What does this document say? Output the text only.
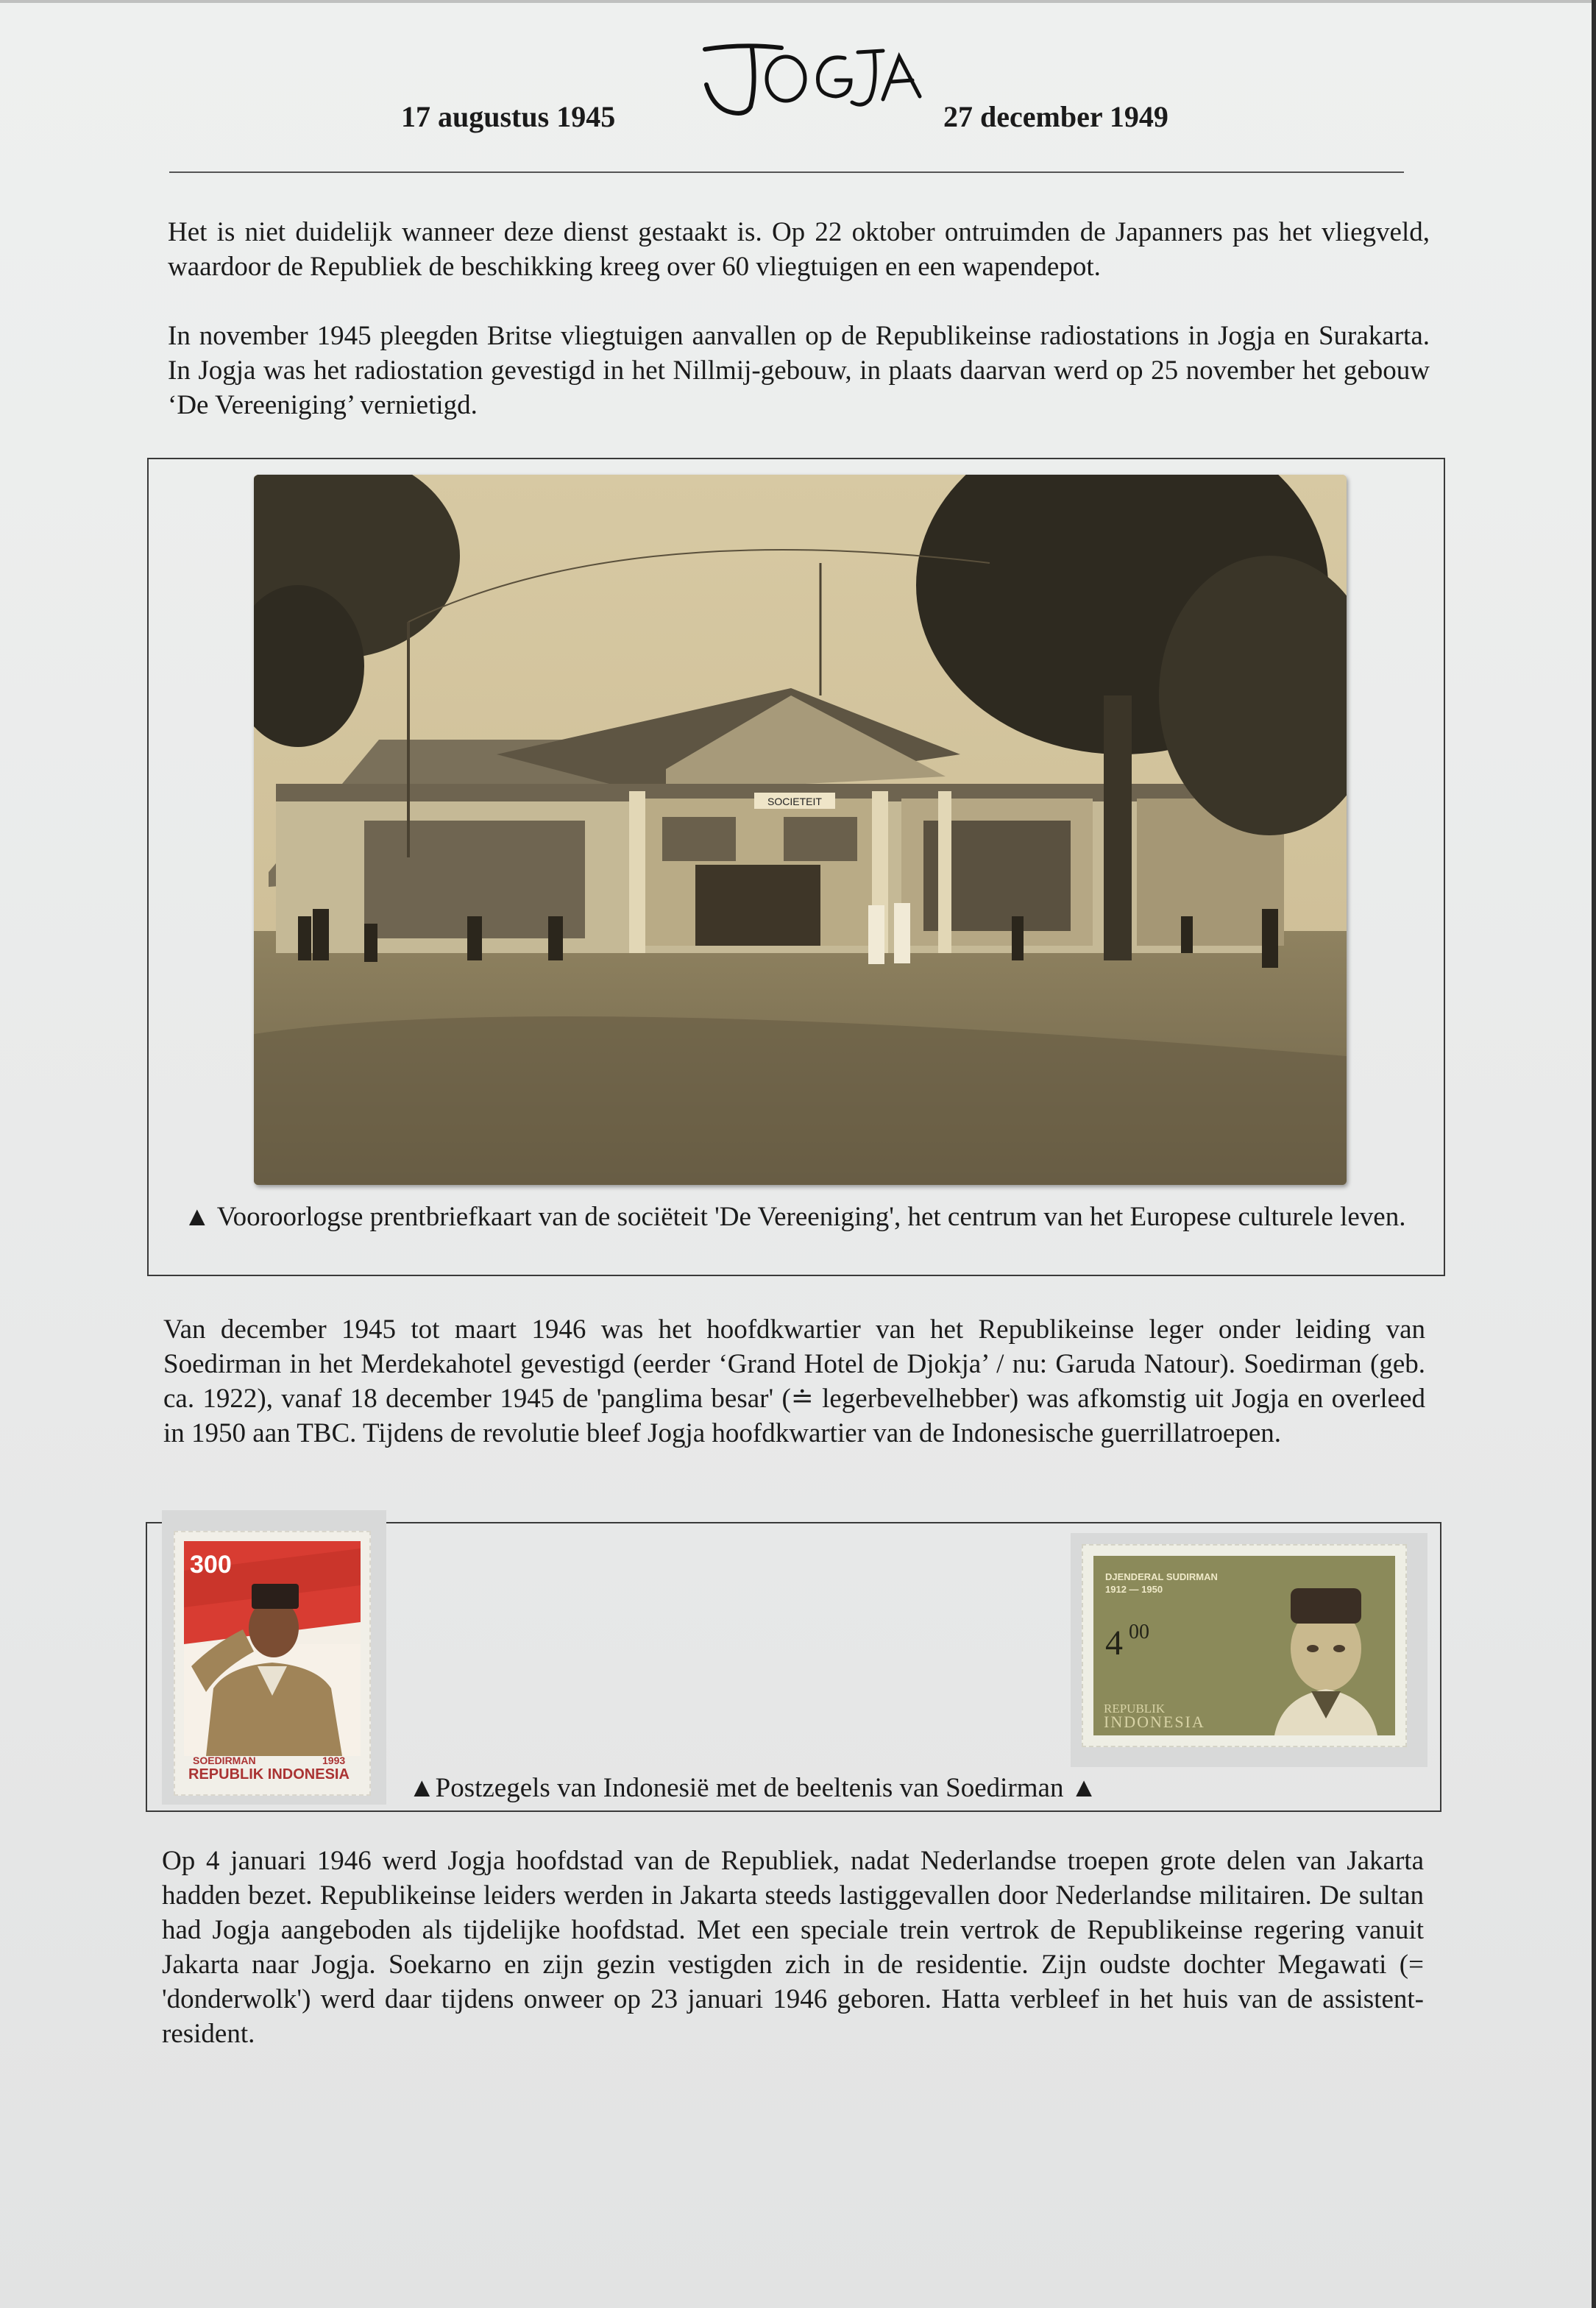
17 augustus 1945	27 december 1949
Het is niet duidelijk wanneer deze dienst gestaakt is. Op 22 oktober ontruimden de Japanners pas het vliegveld, waardoor de Republiek de beschikking kreeg over 60 vliegtuigen en een wapendepot.
In november 1945 pleegden Britse vliegtuigen aanvallen op de Republikeinse radiostations in Jogja en Surakarta. In Jogja was het radiostation gevestigd in het Nillmij-gebouw, in plaats daarvan werd op 25 november het gebouw ‘De Vereeniging’ vernietigd.
SOCIETEIT
▲ Vooroorlogse prentbriefkaart van de sociëteit 'De Vereeniging', het centrum van het Europese culturele leven.
Van december 1945 tot maart 1946 was het hoofdkwartier van het Republikeinse leger onder leiding van Soedirman in het Merdekahotel gevestigd (eerder ‘Grand Hotel de Djokja’ / nu: Garuda Natour). Soedirman (geb. ca. 1922), vanaf 18 december 1945 de 'panglima besar' (≐ legerbevelhebber) was afkomstig uit Jogja en overleed in 1950 aan TBC. Tijdens de revolutie bleef Jogja hoofdkwartier van de Indonesische guerrillatroepen.
300
SOEDIRMAN	1993
REPUBLIK INDONESIA
DJENDERAL SUDIRMAN
1912 — 1950
4 00
REPUBLIK
INDONESIA
▲Postzegels van Indonesië met de beeltenis van Soedirman ▲
Op 4 januari 1946 werd Jogja hoofdstad van de Republiek, nadat Nederlandse troepen grote delen van Jakarta hadden bezet. Republikeinse leiders werden in Jakarta steeds lastiggevallen door Nederlandse militairen. De sultan had Jogja aangeboden als tijdelijke hoofdstad. Met een speciale trein vertrok de Republikeinse regering vanuit Jakarta naar Jogja. Soekarno en zijn gezin vestigden zich in de residentie. Zijn oudste dochter Megawati (= 'donderwolk') werd daar tijdens onweer op 23 januari 1946 geboren. Hatta verbleef in het huis van de assistent-resident.
